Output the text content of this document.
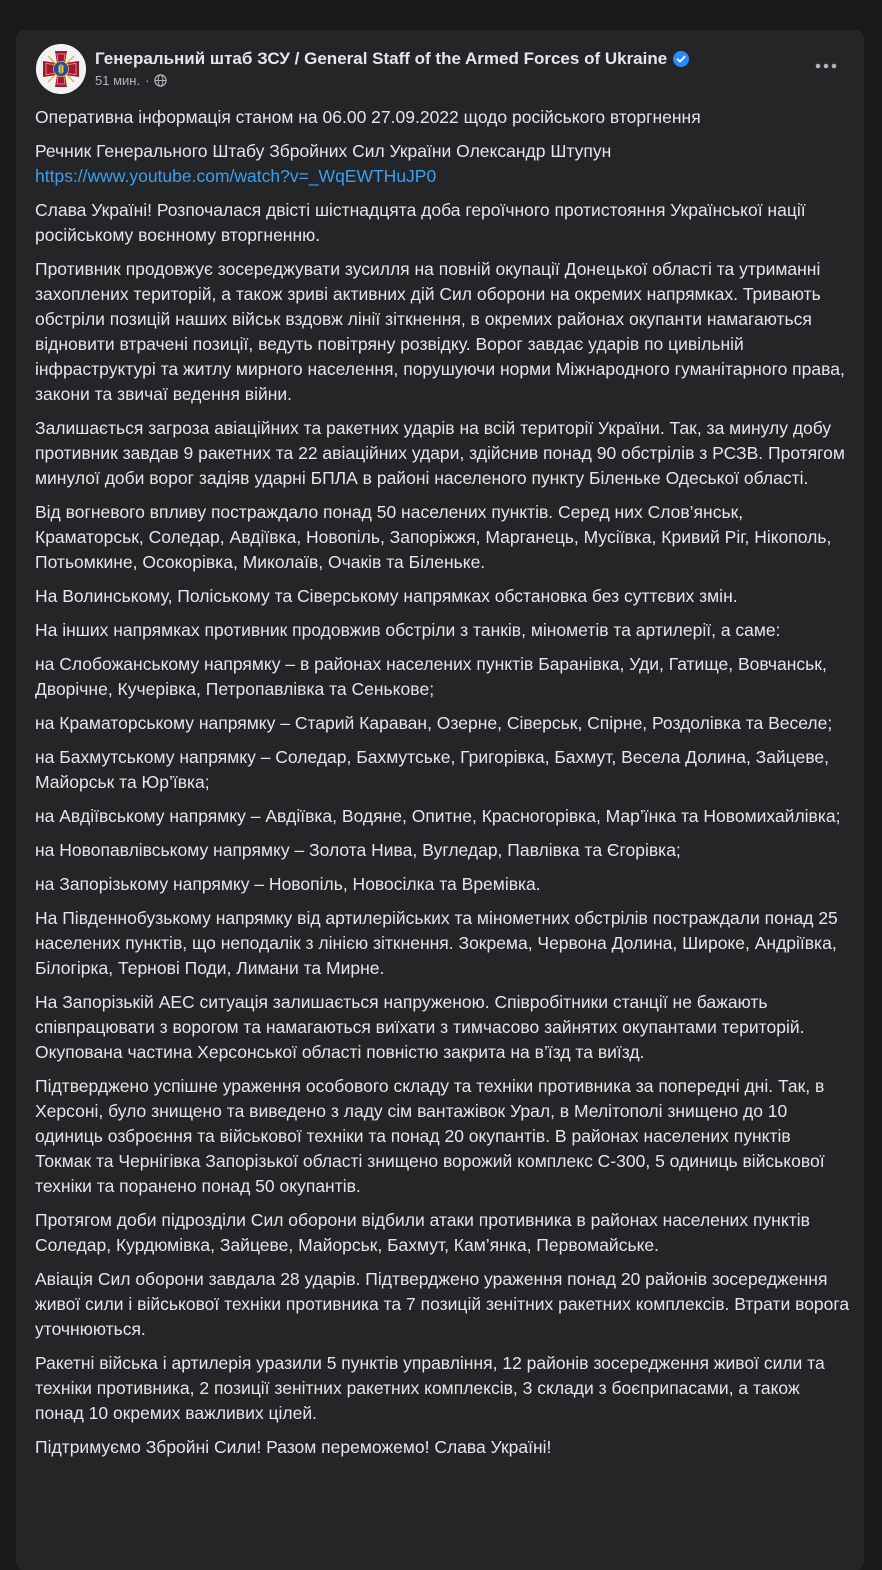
Генеральний штаб ЗСУ / General Staff of the Armed Forces of Ukraine
51 мин. ·

Оперативна інформація станом на 06.00 27.09.2022 щодо російського вторгнення

Речник Генерального Штабу Збройних Сил України Олександр Штупун
https://www.youtube.com/watch?v=_WqEWTHuJP0

Слава Україні! Розпочалася двісті шістнадцята доба героїчного протистояння Української нації російському воєнному вторгненню.

Противник продовжує зосереджувати зусилля на повній окупації Донецької області та утриманні захоплених територій, а також зриві активних дій Сил оборони на окремих напрямках. Тривають обстріли позицій наших військ вздовж лінії зіткнення, в окремих районах окупанти намагаються відновити втрачені позиції, ведуть повітряну розвідку. Ворог завдає ударів по цивільній інфраструктурі та житлу мирного населення, порушуючи норми Міжнародного гуманітарного права, закони та звичаї ведення війни.

Залишається загроза авіаційних та ракетних ударів на всій території України. Так, за минулу добу противник завдав 9 ракетних та 22 авіаційних удари, здійснив понад 90 обстрілів з РСЗВ. Протягом минулої доби ворог задіяв ударні БПЛА в районі населеного пункту Біленьке Одеської області.

Від вогневого впливу постраждало понад 50 населених пунктів. Серед них Слов’янськ, Краматорськ, Соледар, Авдіївка, Новопіль, Запоріжжя, Марганець, Мусіївка, Кривий Ріг, Нікополь, Потьомкине, Осокорівка, Миколаїв, Очаків та Біленьке.

На Волинському, Поліському та Сіверському напрямках обстановка без суттєвих змін.

На інших напрямках противник продовжив обстріли з танків, мінометів та артилерії, а саме:

на Слобожанському напрямку – в районах населених пунктів Баранівка, Уди, Гатище, Вовчанськ, Дворічне, Кучерівка, Петропавлівка та Сеньковe;

на Краматорському напрямку – Старий Караван, Озерне, Сіверськ, Спірне, Роздолівка та Веселе;

на Бахмутському напрямку – Соледар, Бахмутське, Григорівка, Бахмут, Весела Долина, Зайцеве, Майорськ та Юр’ївка;

на Авдіївському напрямку – Авдіївка, Водяне, Опитне, Красногорівка, Мар’їнка та Новомихайлівка;

на Новопавлівському напрямку – Золота Нива, Вугледар, Павлівка та Єгорівка;

на Запорізькому напрямку – Новопіль, Новосілка та Времівка.

На Південнобузькому напрямку від артилерійських та мінометних обстрілів постраждали понад 25 населених пунктів, що неподалік з лінією зіткнення. Зокрема, Червона Долина, Широке, Андріївка, Білогірка, Тернові Поди, Лимани та Мирне.

На Запорізькій АЕС ситуація залишається напруженою. Співробітники станції не бажають співпрацювати з ворогом та намагаються виїхати з тимчасово зайнятих окупантами територій. Окупована частина Херсонської області повністю закрита на в’їзд та виїзд.

Підтверджено успішне ураження особового складу та техніки противника за попередні дні. Так, в Херсоні, було знищено та виведено з ладу сім вантажівок Урал, в Мелітополі знищено до 10 одиниць озброєння та військової техніки та понад 20 окупантів. В районах населених пунктів Токмак та Чернігівка Запорізької області знищено ворожий комплекс С-300, 5 одиниць військової техніки та поранено понад 50 окупантів.

Протягом доби підрозділи Сил оборони відбили атаки противника в районах населених пунктів Соледар, Курдюмівка, Зайцеве, Майорськ, Бахмут, Кам’янка, Первомайське.

Авіація Сил оборони завдала 28 ударів. Підтверджено ураження понад 20 районів зосередження живої сили і військової техніки противника та 7 позицій зенітних ракетних комплексів. Втрати ворога уточнюються.

Ракетні війська і артилерія уразили 5 пунктів управління, 12 районів зосередження живої сили та техніки противника, 2 позиції зенітних ракетних комплексів, 3 склади з боєприпасами, а також понад 10 окремих важливих цілей.

Підтримуємо Збройні Сили! Разом переможемо! Слава Україні!
